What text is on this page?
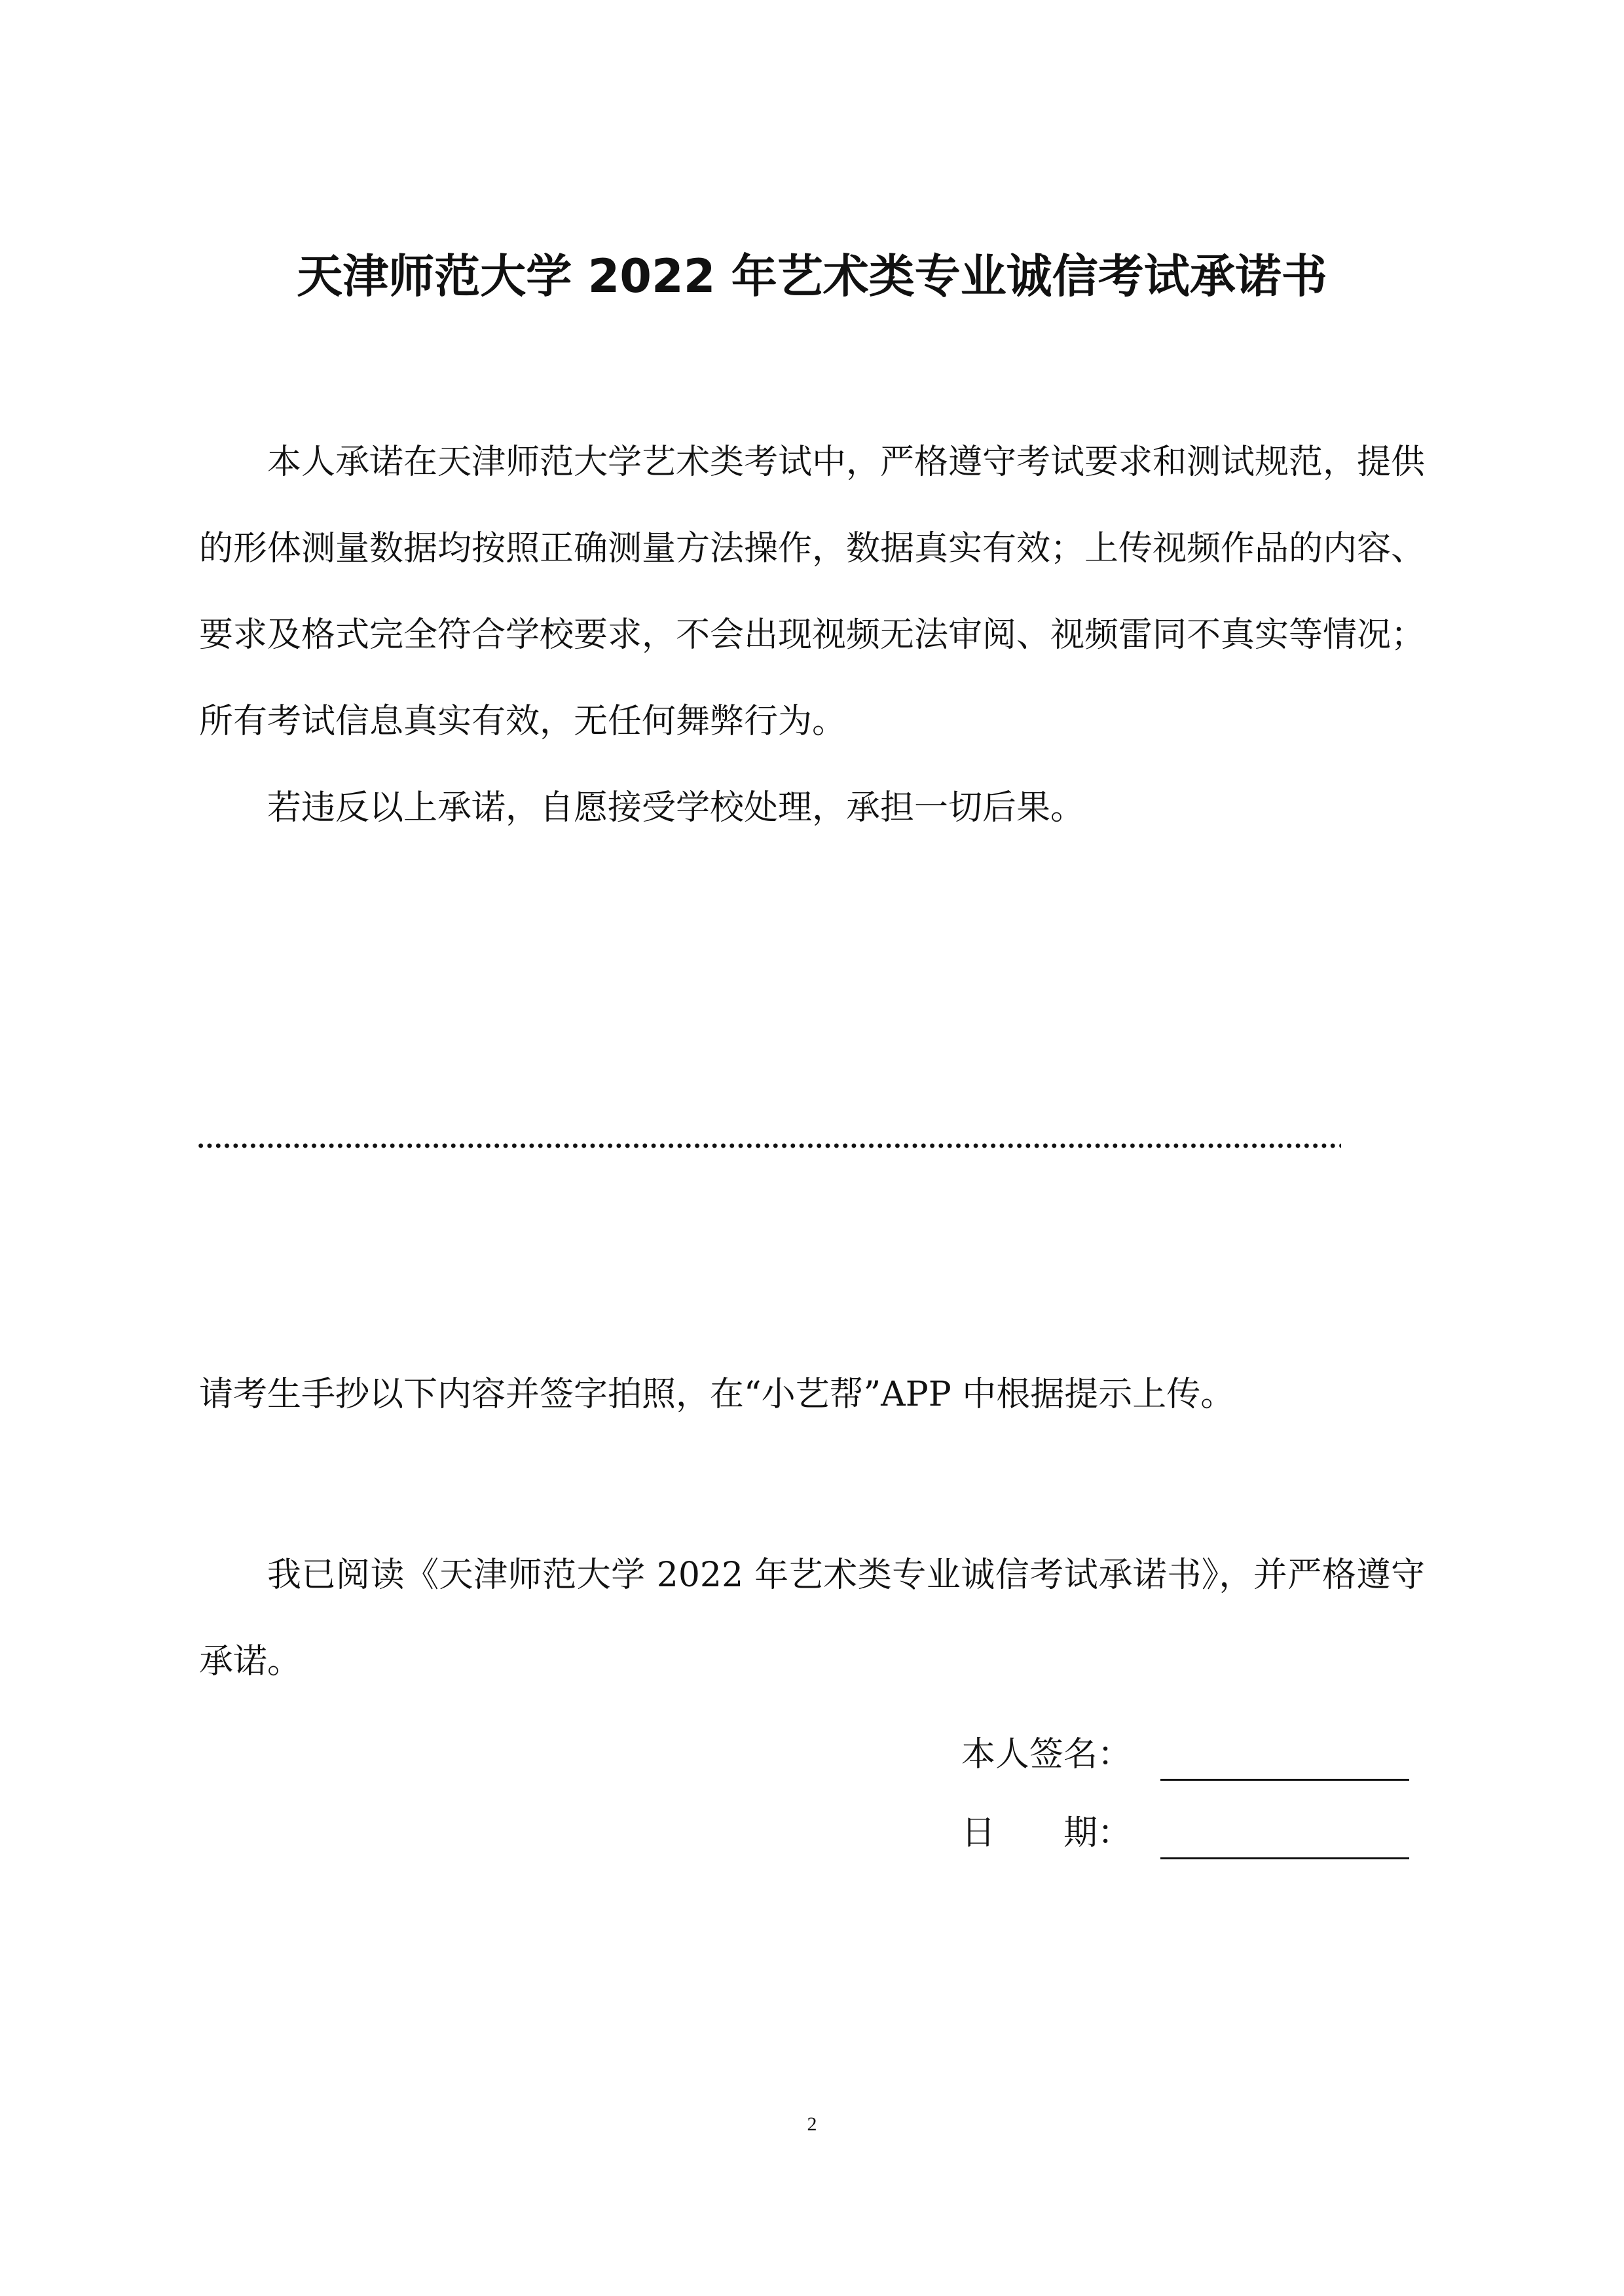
天津师范大学 2022 年艺术类专业诚信考试承诺书

本人承诺在天津师范大学艺术类考试中，严格遵守考试要求和测试规范，提供的形体测量数据均按照正确测量方法操作，数据真实有效；上传视频作品的内容、要求及格式完全符合学校要求，不会出现视频无法审阅、视频雷同不真实等情况；所有考试信息真实有效，无任何舞弊行为。

若违反以上承诺，自愿接受学校处理，承担一切后果。

请考生手抄以下内容并签字拍照，在“小艺帮”APP 中根据提示上传。

我已阅读《天津师范大学 2022 年艺术类专业诚信考试承诺书》，并严格遵守承诺。

本人签名：
日 期：
2
